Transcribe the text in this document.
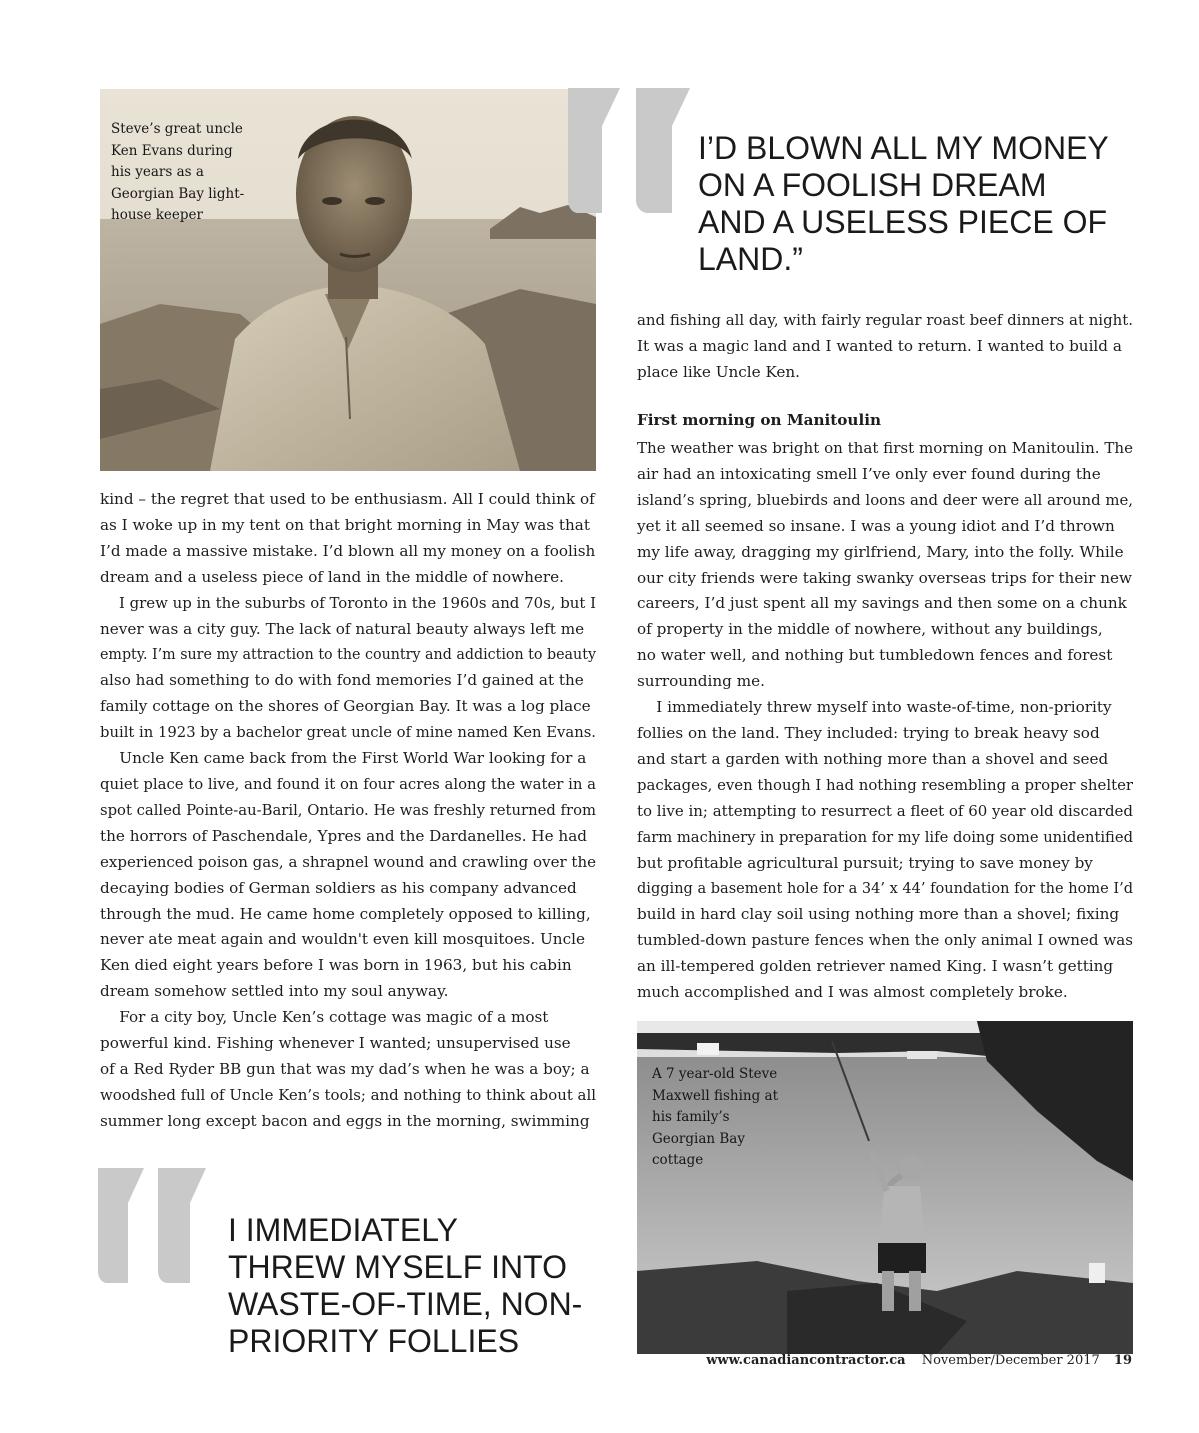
Steve’s great uncle
Ken Evans during
his years as a
Georgian Bay light-
house keeper
I’D BLOWN ALL MY MONEY
ON A FOOLISH DREAM
AND A USELESS PIECE OF
LAND.”
kind – the regret that used to be enthusiasm. All I could think of
as I woke up in my tent on that bright morning in May was that
I’d made a massive mistake. I’d blown all my money on a foolish
dream and a useless piece of land in the middle of nowhere.
I grew up in the suburbs of Toronto in the 1960s and 70s, but I
never was a city guy. The lack of natural beauty always left me
empty. I’m sure my attraction to the country and addiction to beauty
also had something to do with fond memories I’d gained at the
family cottage on the shores of Georgian Bay. It was a log place
built in 1923 by a bachelor great uncle of mine named Ken Evans.
Uncle Ken came back from the First World War looking for a
quiet place to live, and found it on four acres along the water in a
spot called Pointe-au-Baril, Ontario. He was freshly returned from
the horrors of Paschendale, Ypres and the Dardanelles. He had
experienced poison gas, a shrapnel wound and crawling over the
decaying bodies of German soldiers as his company advanced
through the mud. He came home completely opposed to killing,
never ate meat again and wouldn't even kill mosquitoes. Uncle
Ken died eight years before I was born in 1963, but his cabin
dream somehow settled into my soul anyway.
For a city boy, Uncle Ken’s cottage was magic of a most
powerful kind. Fishing whenever I wanted; unsupervised use
of a Red Ryder BB gun that was my dad’s when he was a boy; a
woodshed full of Uncle Ken’s tools; and nothing to think about all
summer long except bacon and eggs in the morning, swimming
and fishing all day, with fairly regular roast beef dinners at night.
It was a magic land and I wanted to return. I wanted to build a
place like Uncle Ken.
First morning on Manitoulin
The weather was bright on that first morning on Manitoulin. The
air had an intoxicating smell I’ve only ever found during the
island’s spring, bluebirds and loons and deer were all around me,
yet it all seemed so insane. I was a young idiot and I’d thrown
my life away, dragging my girlfriend, Mary, into the folly. While
our city friends were taking swanky overseas trips for their new
careers, I’d just spent all my savings and then some on a chunk
of property in the middle of nowhere, without any buildings,
no water well, and nothing but tumbledown fences and forest
surrounding me.
I immediately threw myself into waste-of-time, non-priority
follies on the land. They included: trying to break heavy sod
and start a garden with nothing more than a shovel and seed
packages, even though I had nothing resembling a proper shelter
to live in; attempting to resurrect a fleet of 60 year old discarded
farm machinery in preparation for my life doing some unidentified
but profitable agricultural pursuit; trying to save money by
digging a basement hole for a 34’ x 44’ foundation for the home I’d
build in hard clay soil using nothing more than a shovel; fixing
tumbled-down pasture fences when the only animal I owned was
an ill-tempered golden retriever named King. I wasn’t getting
much accomplished and I was almost completely broke.
A 7 year-old Steve
Maxwell fishing at
his family’s
Georgian Bay
cottage
I IMMEDIATELY
THREW MYSELF INTO
WASTE-OF-TIME, NON-
PRIORITY FOLLIES
www.canadiancontractor.ca November/December 2017 19
